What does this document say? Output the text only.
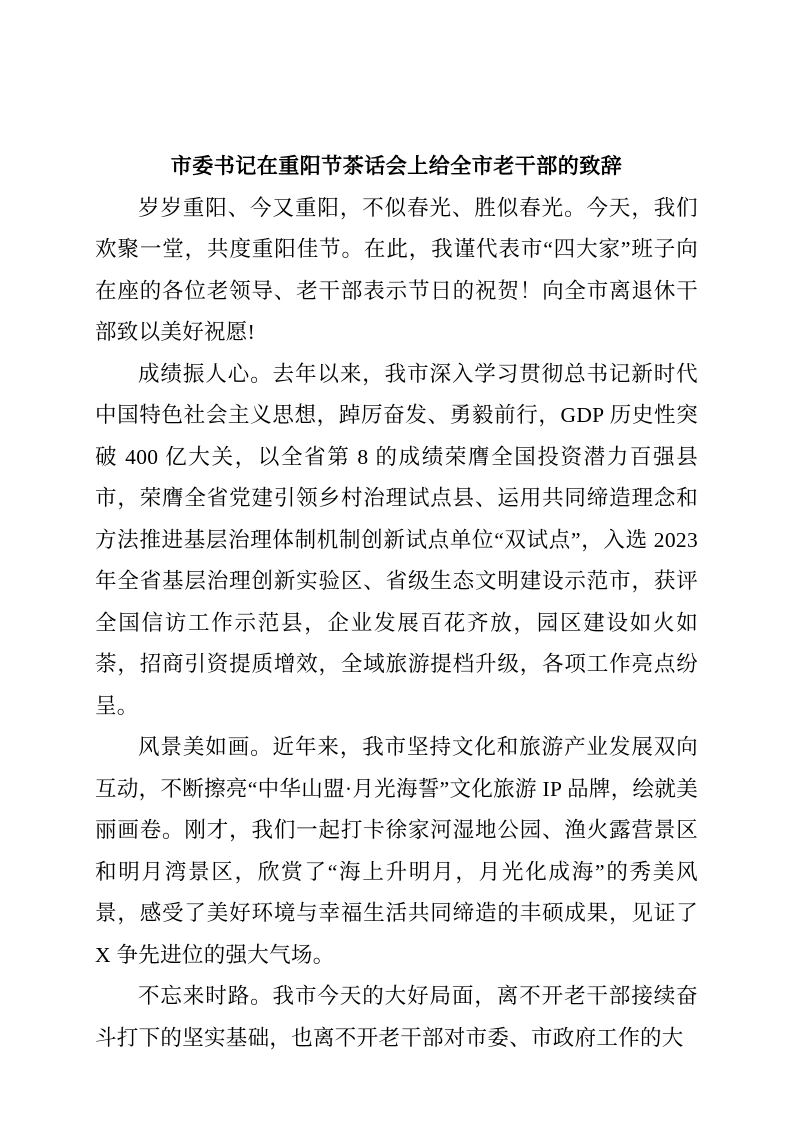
市委书记在重阳节茶话会上给全市老干部的致辞

岁岁重阳、今又重阳，不似春光、胜似春光。今天，我们欢聚一堂，共度重阳佳节。在此，我谨代表市“四大家”班子向在座的各位老领导、老干部表示节日的祝贺！向全市离退休干部致以美好祝愿!

成绩振人心。去年以来，我市深入学习贯彻总书记新时代中国特色社会主义思想，踔厉奋发、勇毅前行，GDP 历史性突破 400 亿大关，以全省第 8 的成绩荣膺全国投资潜力百强县市，荣膺全省党建引领乡村治理试点县、运用共同缔造理念和方法推进基层治理体制机制创新试点单位“双试点”，入选 2023 年全省基层治理创新实验区、省级生态文明建设示范市，获评全国信访工作示范县，企业发展百花齐放，园区建设如火如荼，招商引资提质增效，全域旅游提档升级，各项工作亮点纷呈。

风景美如画。近年来，我市坚持文化和旅游产业发展双向互动，不断擦亮“中华山盟·月光海誓”文化旅游 IP 品牌，绘就美丽画卷。刚才，我们一起打卡徐家河湿地公园、渔火露营景区和明月湾景区，欣赏了“海上升明月，月光化成海”的秀美风景，感受了美好环境与幸福生活共同缔造的丰硕成果，见证了 X 争先进位的强大气场。

不忘来时路。我市今天的大好局面，离不开老干部接续奋斗打下的坚实基础，也离不开老干部对市委、市政府工作的大
